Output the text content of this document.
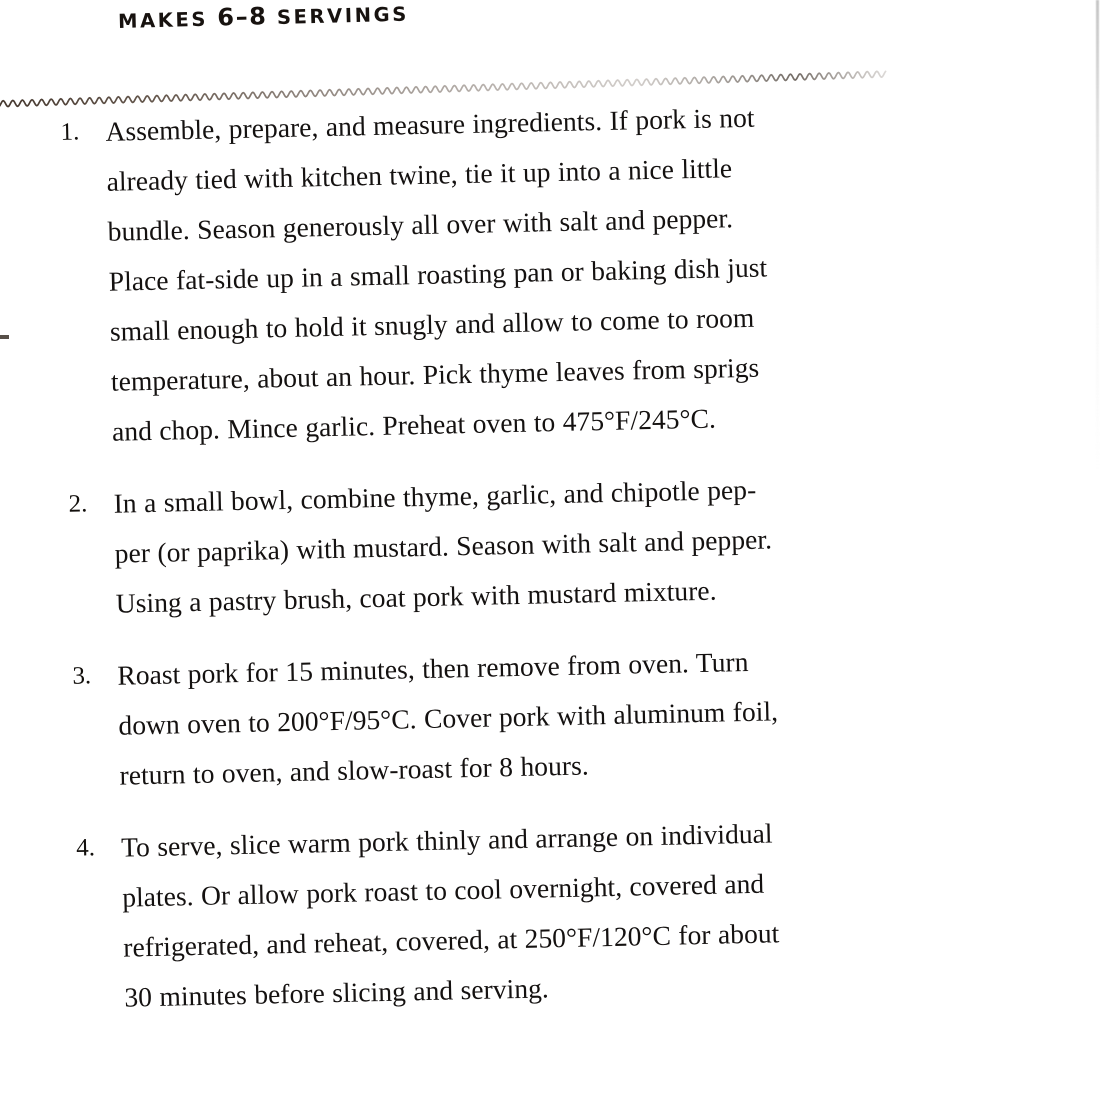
MAKES 6–8 SERVINGS
1. Assemble, prepare, and measure ingredients. If pork is not
already tied with kitchen twine, tie it up into a nice little
bundle. Season generously all over with salt and pepper.
Place fat-side up in a small roasting pan or baking dish just
small enough to hold it snugly and allow to come to room
temperature, about an hour. Pick thyme leaves from sprigs
and chop. Mince garlic. Preheat oven to 475°F/245°C.
2. In a small bowl, combine thyme, garlic, and chipotle pep-
per (or paprika) with mustard. Season with salt and pepper.
Using a pastry brush, coat pork with mustard mixture.
3. Roast pork for 15 minutes, then remove from oven. Turn
down oven to 200°F/95°C. Cover pork with aluminum foil,
return to oven, and slow-roast for 8 hours.
4. To serve, slice warm pork thinly and arrange on individual
plates. Or allow pork roast to cool overnight, covered and
refrigerated, and reheat, covered, at 250°F/120°C for about
30 minutes before slicing and serving.
